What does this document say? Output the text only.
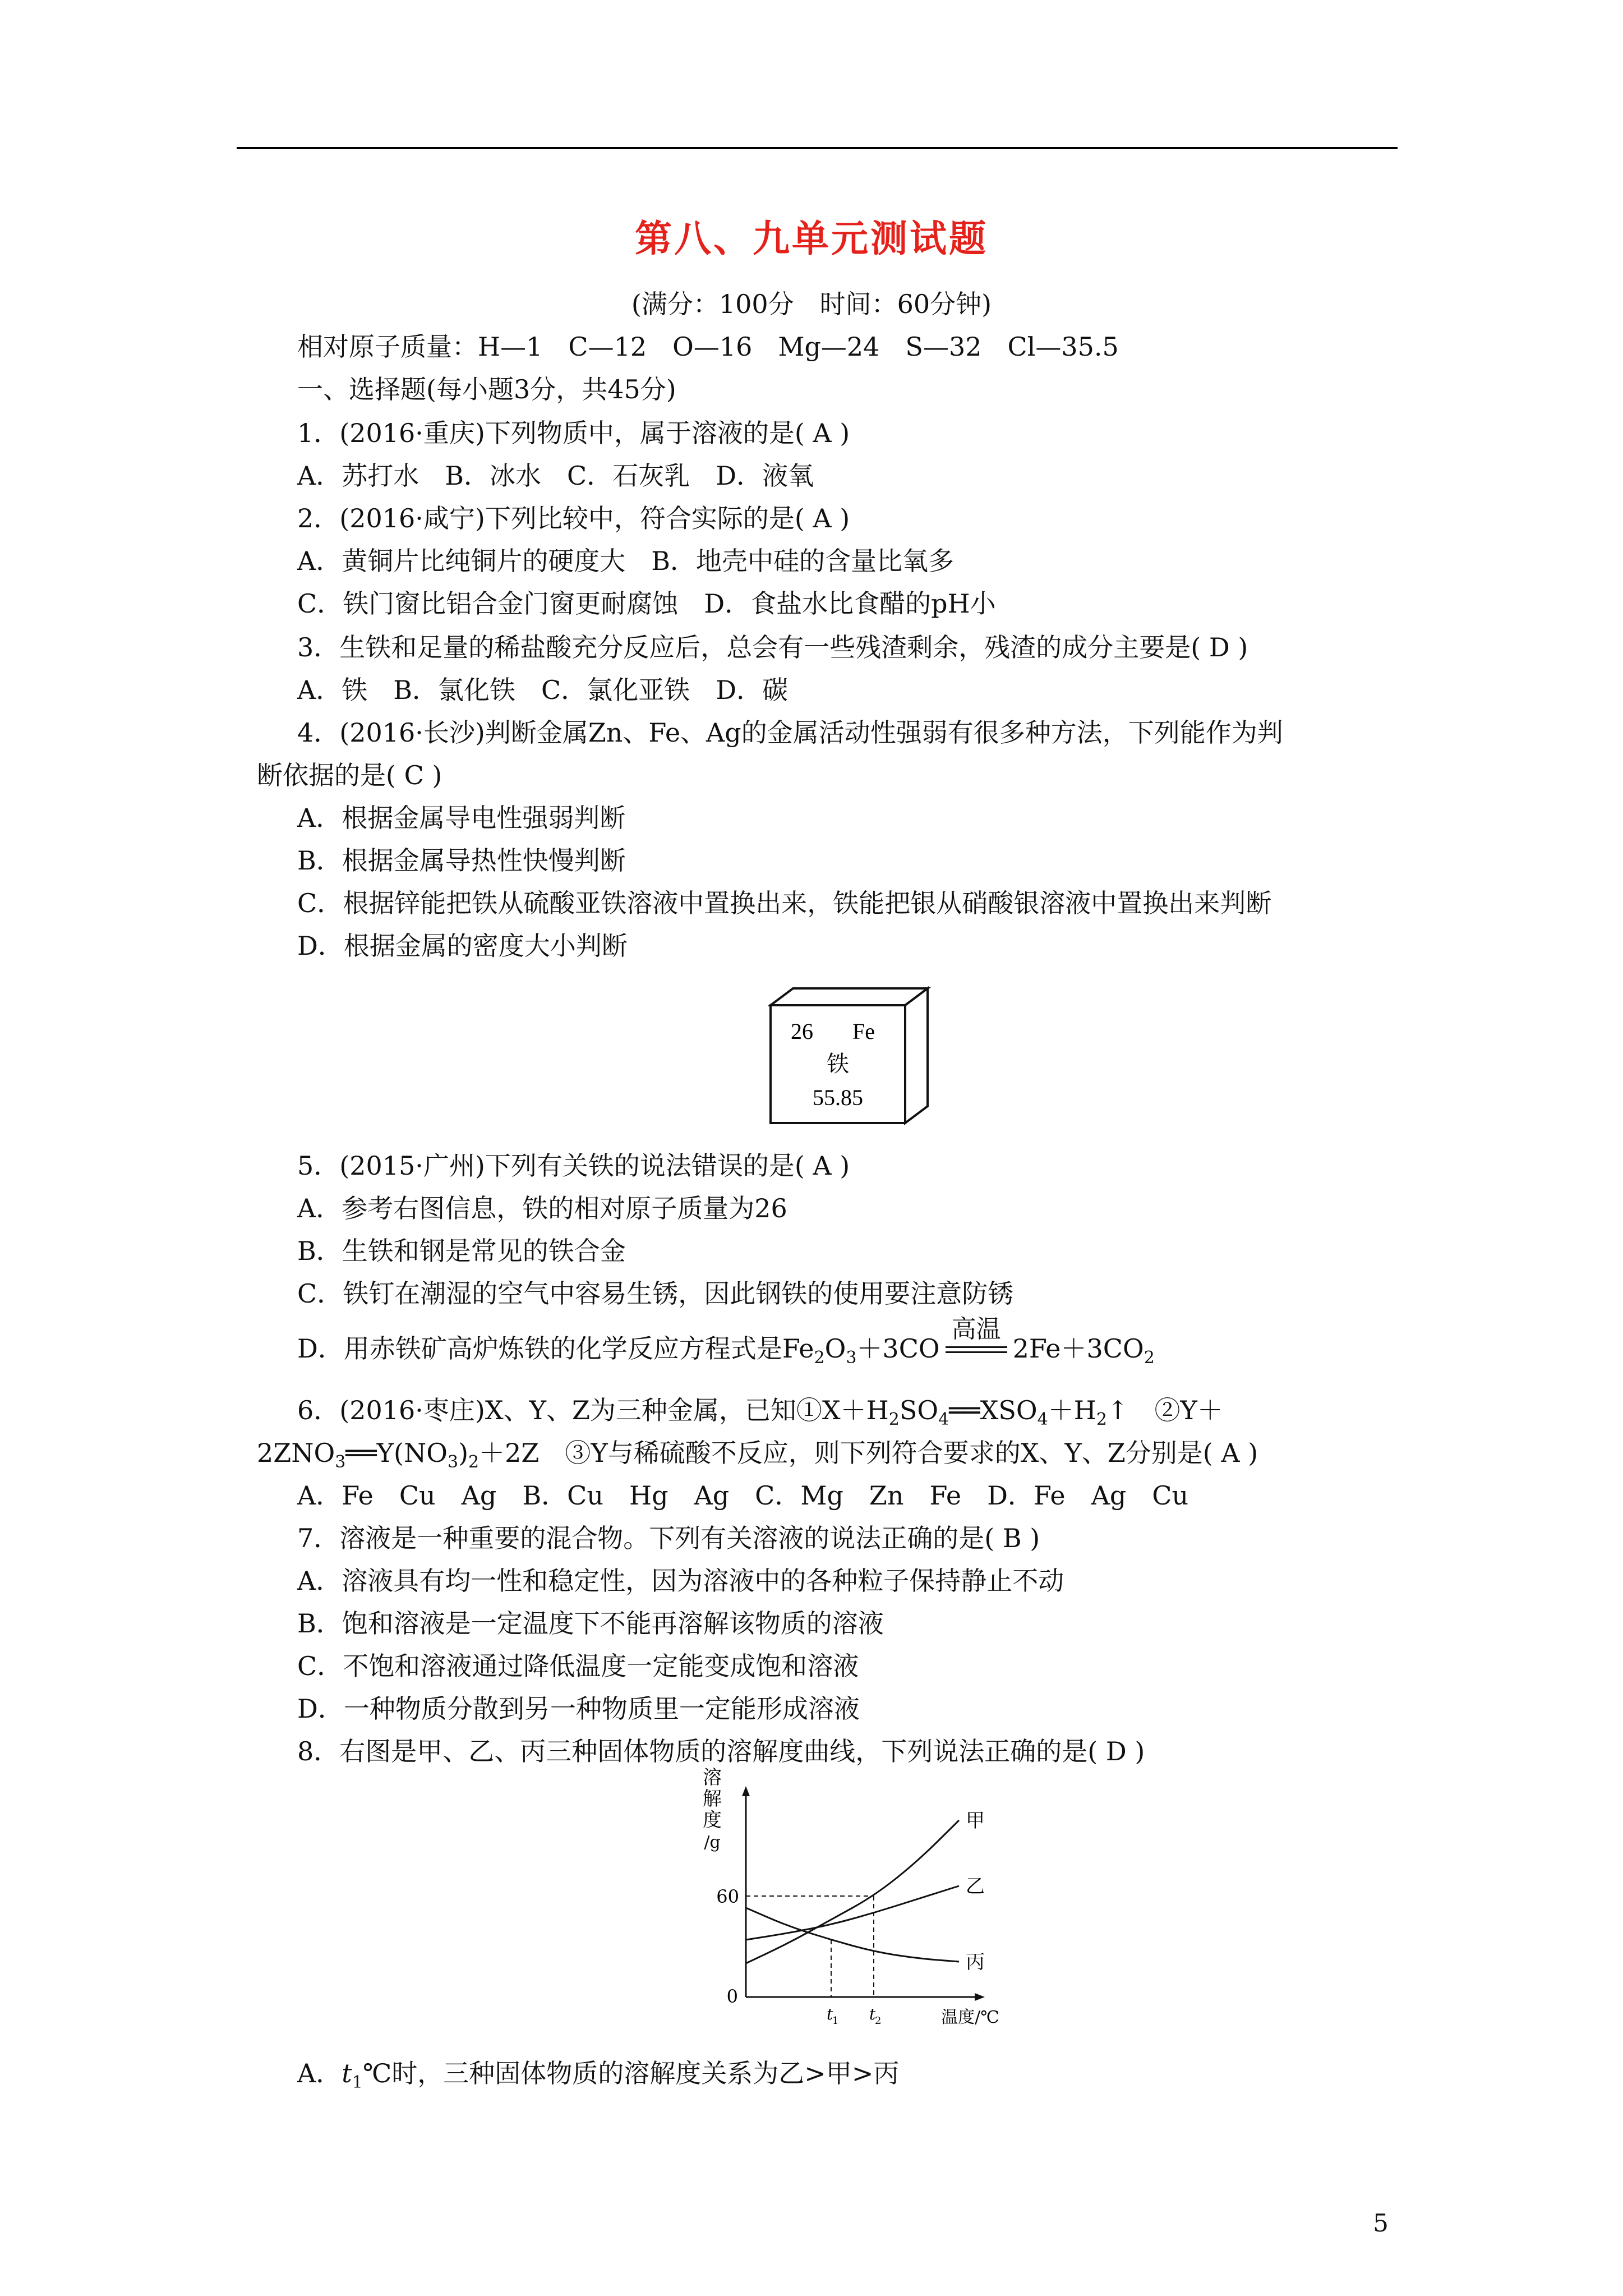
第八、九单元测试题
(满分：100分　时间：60分钟)
相对原子质量：H—1　C—12　O—16　Mg—24　S—32　Cl—35.5
一、选择题(每小题3分，共45分)
1．(2016·重庆)下列物质中，属于溶液的是( A )
A．苏打水　B．冰水　C．石灰乳　D．液氧
2．(2016·咸宁)下列比较中，符合实际的是( A )
A．黄铜片比纯铜片的硬度大　B．地壳中硅的含量比氧多
C．铁门窗比铝合金门窗更耐腐蚀　D．食盐水比食醋的pH小
3．生铁和足量的稀盐酸充分反应后，总会有一些残渣剩余，残渣的成分主要是( D )
A．铁　B．氯化铁　C．氯化亚铁　D．碳
4．(2016·长沙)判断金属Zn、Fe、Ag的金属活动性强弱有很多种方法，下列能作为判
断依据的是( C )
A．根据金属导电性强弱判断
B．根据金属导热性快慢判断
C．根据锌能把铁从硫酸亚铁溶液中置换出来，铁能把银从硝酸银溶液中置换出来判断
D．根据金属的密度大小判断
26 Fe
铁
55.85
5．(2015·广州)下列有关铁的说法错误的是( A )
A．参考右图信息，铁的相对原子质量为26
B．生铁和钢是常见的铁合金
C．铁钉在潮湿的空气中容易生锈，因此钢铁的使用要注意防锈
D．用赤铁矿高炉炼铁的化学反应方程式是$Fe_2O_3+3CO$
高温
$2Fe+3CO_2$
6．(2016·枣庄)X、Y、Z为三种金属，已知$①X+H_2SO_4══XSO_4+H_2↑$　②Y＋
$2ZNO_3══Y(NO_3)_2+2Z$　③Y与稀硫酸不反应，则下列符合要求的X、Y、Z分别是( A )
A．Fe　Cu　Ag　B．Cu　Hg　Ag　C．Mg　Zn　Fe　D．Fe　Ag　Cu
7．溶液是一种重要的混合物。下列有关溶液的说法正确的是( B )
A．溶液具有均一性和稳定性，因为溶液中的各种粒子保持静止不动
B．饱和溶液是一定温度下不能再溶解该物质的溶液
C．不饱和溶液通过降低温度一定能变成饱和溶液
D．一种物质分散到另一种物质里一定能形成溶液
8．右图是甲、乙、丙三种固体物质的溶解度曲线，下列说法正确的是( D )
溶
解
度
/g
60
0
t
1 t
2	温度/℃
甲
乙
丙
A．$t_1℃$时，三种固体物质的溶解度关系为乙>甲>丙
5
